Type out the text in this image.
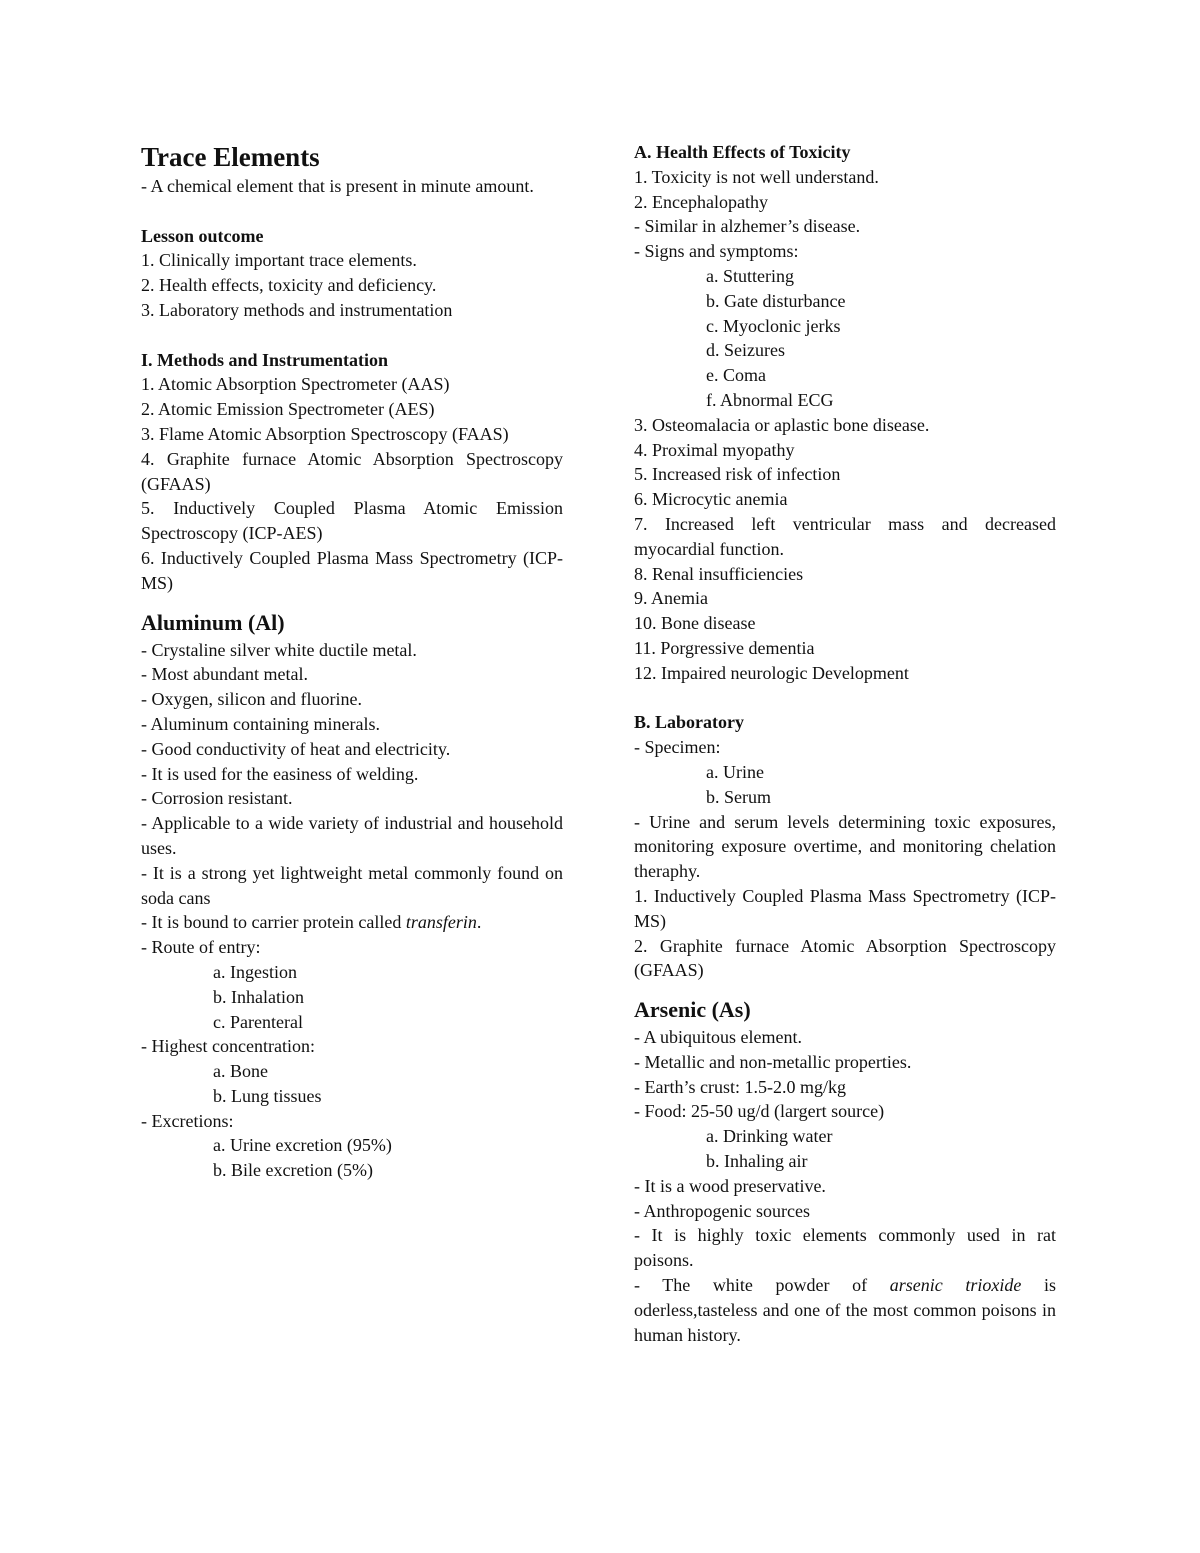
Trace Elements

- A chemical element that is present in minute amount.

Lesson outcome

1. Clinically important trace elements.

2. Health effects, toxicity and deficiency.

3. Laboratory methods and instrumentation

I. Methods and Instrumentation

1. Atomic Absorption Spectrometer (AAS)

2. Atomic Emission Spectrometer (AES)

3. Flame Atomic Absorption Spectroscopy (FAAS)

4. Graphite furnace Atomic Absorption Spectroscopy (GFAAS)

5. Inductively Coupled Plasma Atomic Emission Spectroscopy (ICP-AES)

6. Inductively Coupled Plasma Mass Spectrometry (ICP-MS)

Aluminum (Al)

- Crystaline silver white ductile metal.

- Most abundant metal.

- Oxygen, silicon and fluorine.

- Aluminum containing minerals.

- Good conductivity of heat and electricity.

- It is used for the easiness of welding.

- Corrosion resistant.

- Applicable to a wide variety of industrial and household uses.

- It is a strong yet lightweight metal commonly found on soda cans

- It is bound to carrier protein called transferin.

- Route of entry:

a. Ingestion

b. Inhalation

c. Parenteral

- Highest concentration:

a. Bone

b. Lung tissues

- Excretions:

a. Urine excretion (95%)

b. Bile excretion (5%)

A. Health Effects of Toxicity

1. Toxicity is not well understand.

2. Encephalopathy

- Similar in alzhemer’s disease.

- Signs and symptoms:

a. Stuttering

b. Gate disturbance

c. Myoclonic jerks

d. Seizures

e. Coma

f. Abnormal ECG

3. Osteomalacia or aplastic bone disease.

4. Proximal myopathy

5. Increased risk of infection

6. Microcytic anemia

7. Increased left ventricular mass and decreased myocardial function.

8. Renal insufficiencies

9. Anemia

10. Bone disease

11. Porgressive dementia

12. Impaired neurologic Development

B. Laboratory

- Specimen:

a. Urine

b. Serum

- Urine and serum levels determining toxic exposures, monitoring exposure overtime, and monitoring chelation theraphy.

1. Inductively Coupled Plasma Mass Spectrometry (ICP-MS)

2. Graphite furnace Atomic Absorption Spectroscopy (GFAAS)

Arsenic (As)

- A ubiquitous element.

- Metallic and non-metallic properties.

- Earth’s crust: 1.5-2.0 mg/kg

- Food: 25-50 ug/d (largert source)

a. Drinking water

b. Inhaling air

- It is a wood preservative.

- Anthropogenic sources

- It is highly toxic elements commonly used in rat poisons.

- The white powder of arsenic trioxide is oderless,tasteless and one of the most common poisons in human history.
